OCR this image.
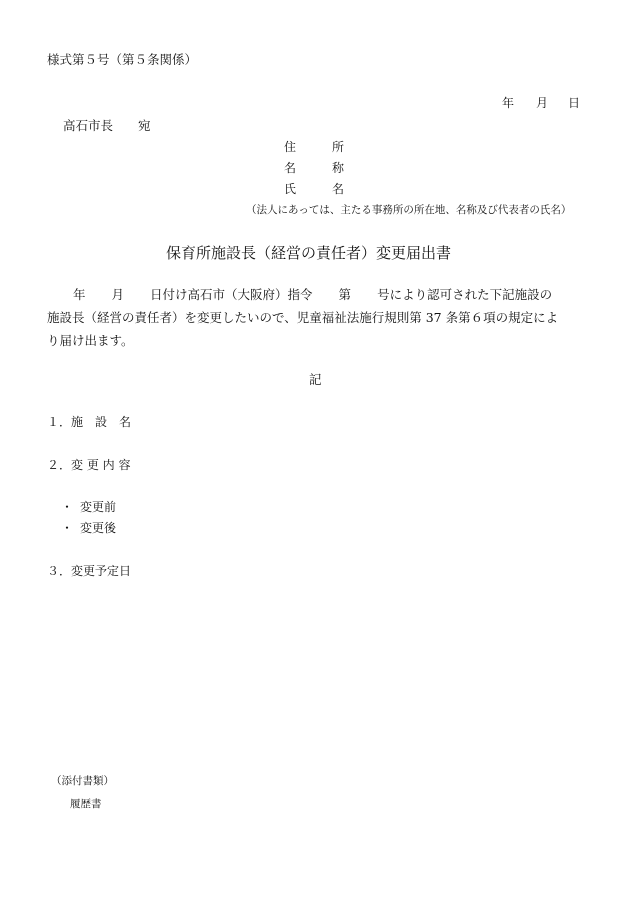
様式第５号（第５条関係）
年 月 日
高石市長　　宛
住　　　所
名　　　称
氏　　　名
（法人にあっては、主たる事務所の所在地、名称及び代表者の氏名）
保育所施設長（経営の責任者）変更届出書
年 月 日付け高石市（大阪府）指令 第 号により認可された下記施設の
施設長（経営の責任者）を変更したいので、児童福祉法施行規則第 37 条第６項の規定によ
り届け出ます。
記
１．施　設　名
２．変 更 内 容
・ 変更前
・ 変更後
３．変更予定日
（添付書類）
履歴書
